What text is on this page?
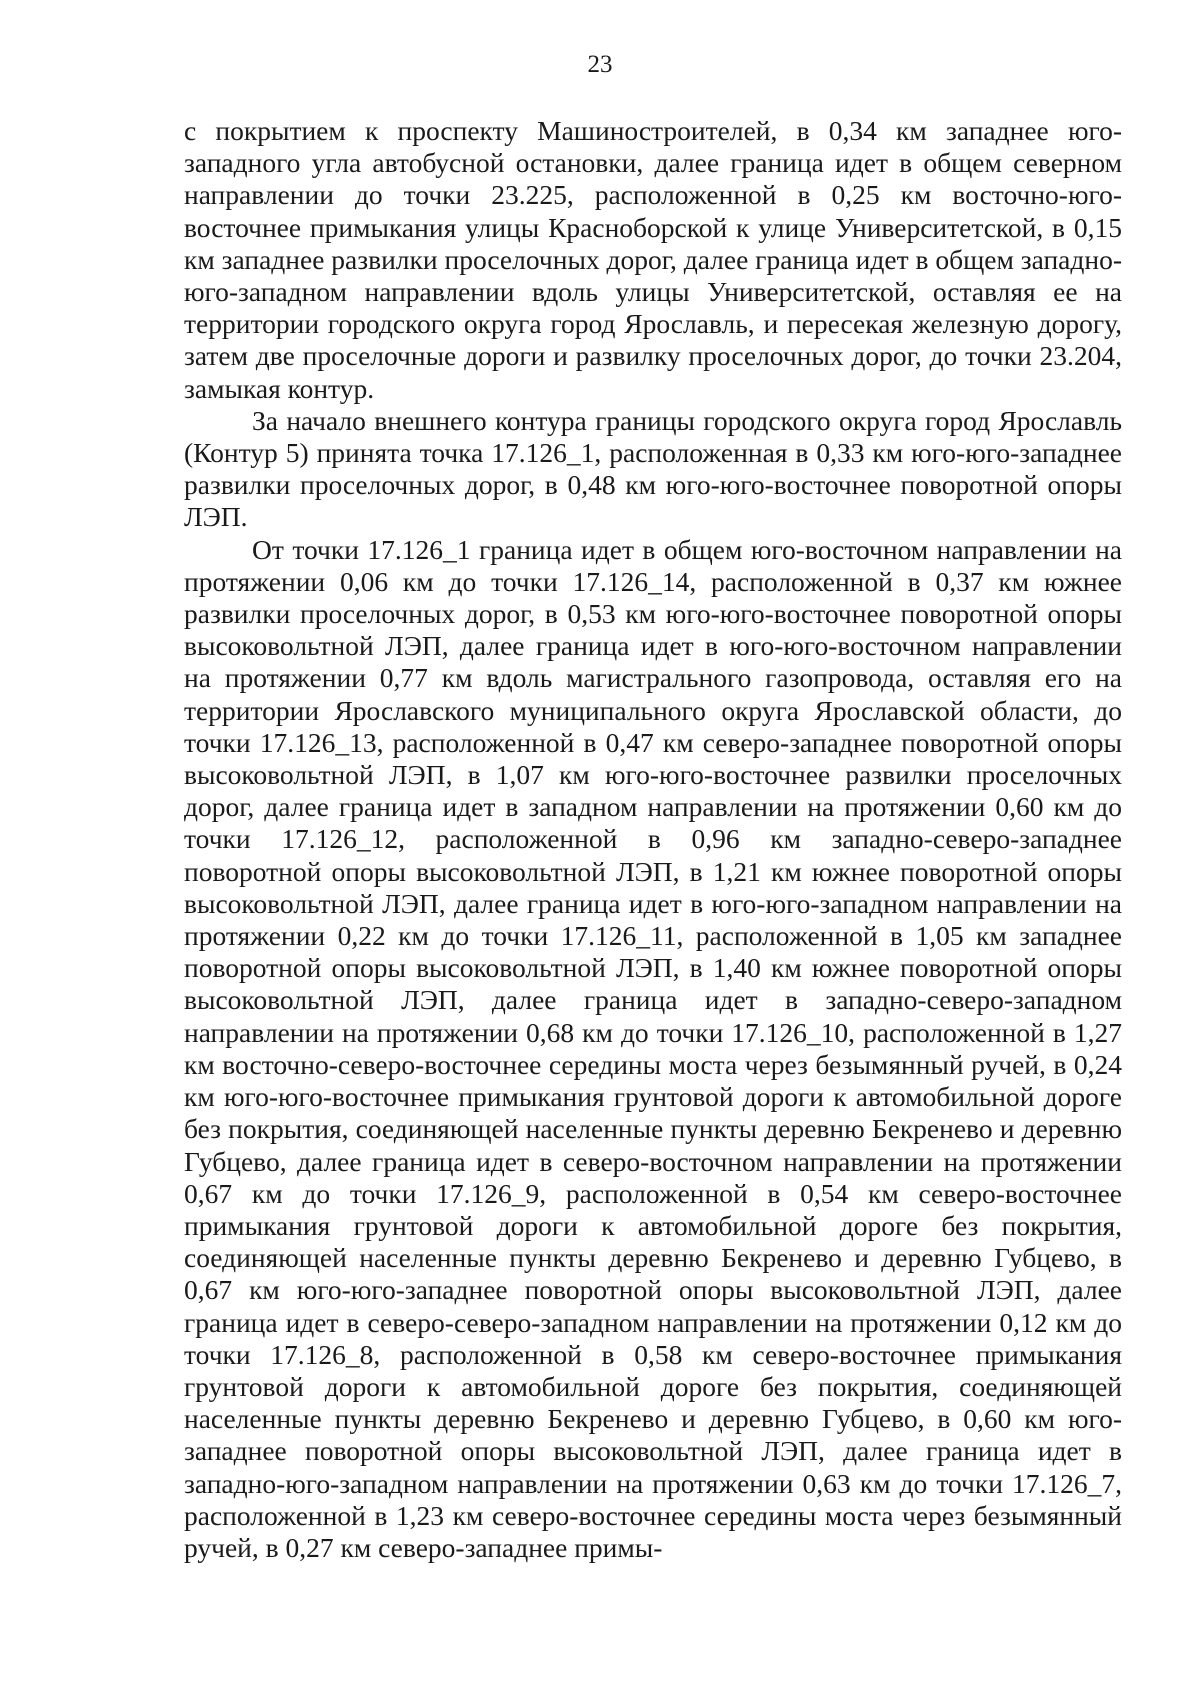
23

с покрытием к проспекту Машиностроителей, в 0,34 км западнее юго-западного угла автобусной остановки, далее граница идет в общем северном направлении до точки 23.225, расположенной в 0,25 км восточно-юго-восточнее примыкания улицы Красноборской к улице Университетской, в 0,15 км западнее развилки проселочных дорог, далее граница идет в общем западно-юго-западном направлении вдоль улицы Университетской, оставляя ее на территории городского округа город Ярославль, и пересекая железную дорогу, затем две проселочные дороги и развилку проселочных дорог, до точки 23.204, замыкая контур.

За начало внешнего контура границы городского округа город Ярославль (Контур 5) принята точка 17.126_1, расположенная в 0,33 км юго-юго-западнее развилки проселочных дорог, в 0,48 км юго-юго-восточнее поворотной опоры ЛЭП.

От точки 17.126_1 граница идет в общем юго-восточном направлении на протяжении 0,06 км до точки 17.126_14, расположенной в 0,37 км южнее развилки проселочных дорог, в 0,53 км юго-юго-восточнее поворотной опоры высоковольтной ЛЭП, далее граница идет в юго-юго-восточном направлении на протяжении 0,77 км вдоль магистрального газопровода, оставляя его на территории Ярославского муниципального округа Ярославской области, до точки 17.126_13, расположенной в 0,47 км северо-западнее поворотной опоры высоковольтной ЛЭП, в 1,07 км юго-юго-восточнее развилки проселочных дорог, далее граница идет в западном направлении на протяжении 0,60 км до точки 17.126_12, расположенной в 0,96 км западно-северо-западнее поворотной опоры высоковольтной ЛЭП, в 1,21 км южнее поворотной опоры высоковольтной ЛЭП, далее граница идет в юго-юго-западном направлении на протяжении 0,22 км до точки 17.126_11, расположенной в 1,05 км западнее поворотной опоры высоковольтной ЛЭП, в 1,40 км южнее поворотной опоры высоковольтной ЛЭП, далее граница идет в западно-северо-западном направлении на протяжении 0,68 км до точки 17.126_10, расположенной в 1,27 км восточно-северо-восточнее середины моста через безымянный ручей, в 0,24 км юго-юго-восточнее примыкания грунтовой дороги к автомобильной дороге без покрытия, соединяющей населенные пункты деревню Бекренево и деревню Губцево, далее граница идет в северо-восточном направлении на протяжении 0,67 км до точки 17.126_9, расположенной в 0,54 км северо-восточнее примыкания грунтовой дороги к автомобильной дороге без покрытия, соединяющей населенные пункты деревню Бекренево и деревню Губцево, в 0,67 км юго-юго-западнее поворотной опоры высоковольтной ЛЭП, далее граница идет в северо-северо-западном направлении на протяжении 0,12 км до точки 17.126_8, расположенной в 0,58 км северо-восточнее примыкания грунтовой дороги к автомобильной дороге без покрытия, соединяющей населенные пункты деревню Бекренево и деревню Губцево, в 0,60 км юго-западнее поворотной опоры высоковольтной ЛЭП, далее граница идет в западно-юго-западном направлении на протяжении 0,63 км до точки 17.126_7, расположенной в 1,23 км северо-восточнее середины моста через безымянный ручей, в 0,27 км северо-западнее примы-
